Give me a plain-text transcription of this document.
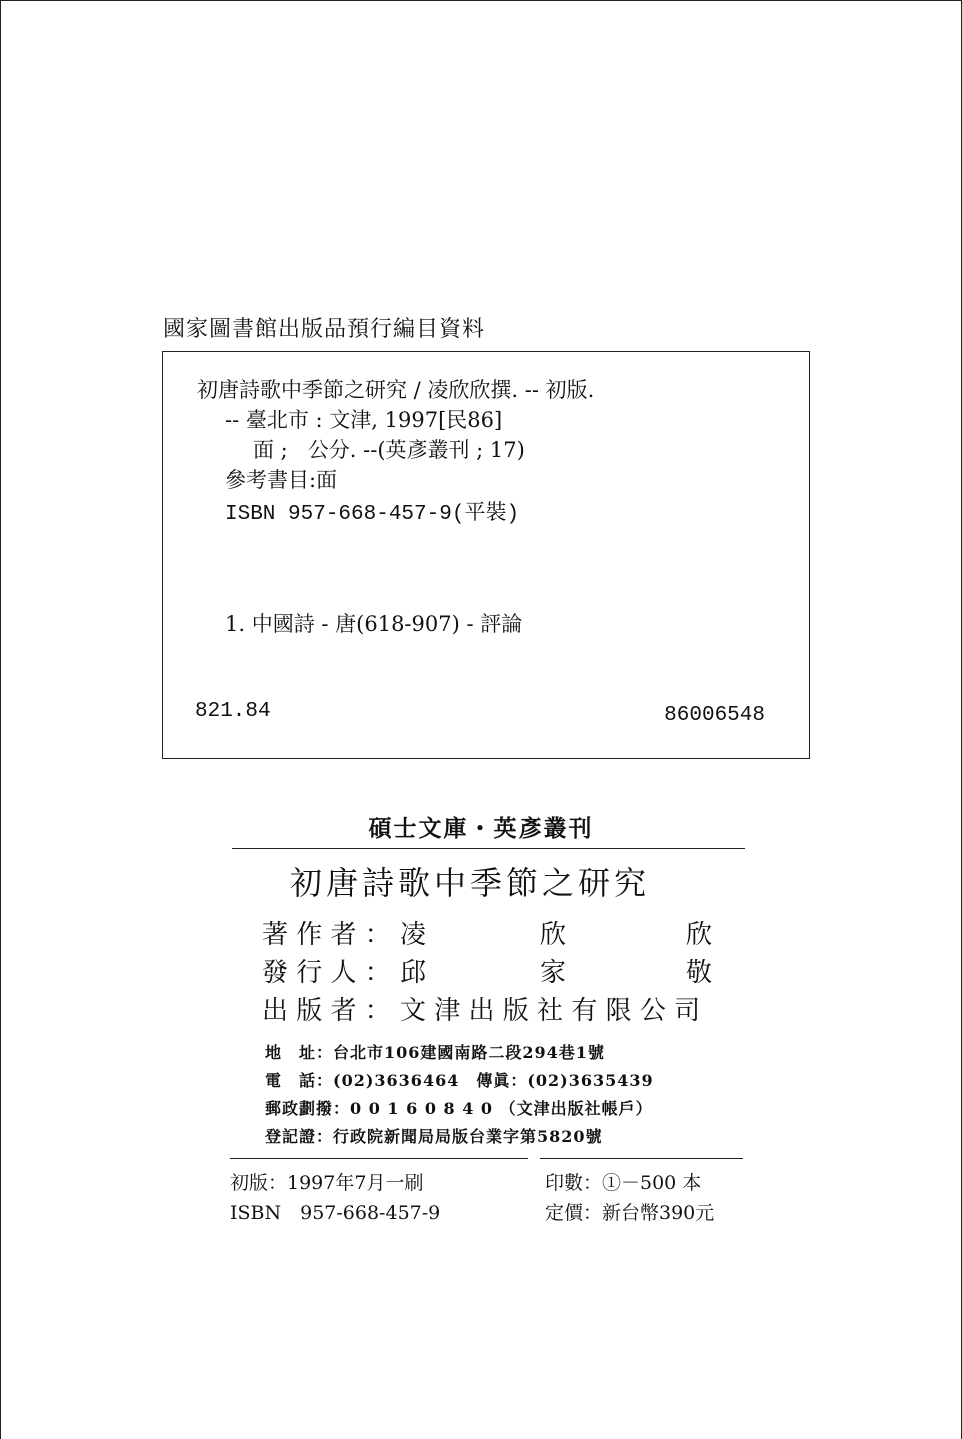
國家圖書館出版品預行編目資料
初唐詩歌中季節之研究 / 凌欣欣撰. -- 初版.
-- 臺北市 : 文津, 1997[民86]
面 ;   公分. --(英彥叢刊 ; 17)
參考書目:面
ISBN 957-668-457-9(平裝)
1. 中國詩 - 唐(618-907) - 評論
821.84	86006548
碩士文庫・英彥叢刊
初唐詩歌中季節之研究
著 作 者 ： 凌	欣	欣
發 行 人 ： 邱	家	敬
出 版 者 ： 文 津 出 版 社 有 限 公 司
地　址：台北市106建國南路二段294巷1號
電　話：(02)3636464　傳眞：(02)3635439
郵政劃撥：0 0 1 6 0 8 4 0 （文津出版社帳戶）
登記證：行政院新聞局局版台業字第5820號
初版：1997年7月一刷
ISBN　957-668-457-9
印數：①－500 本
定價：新台幣390元
